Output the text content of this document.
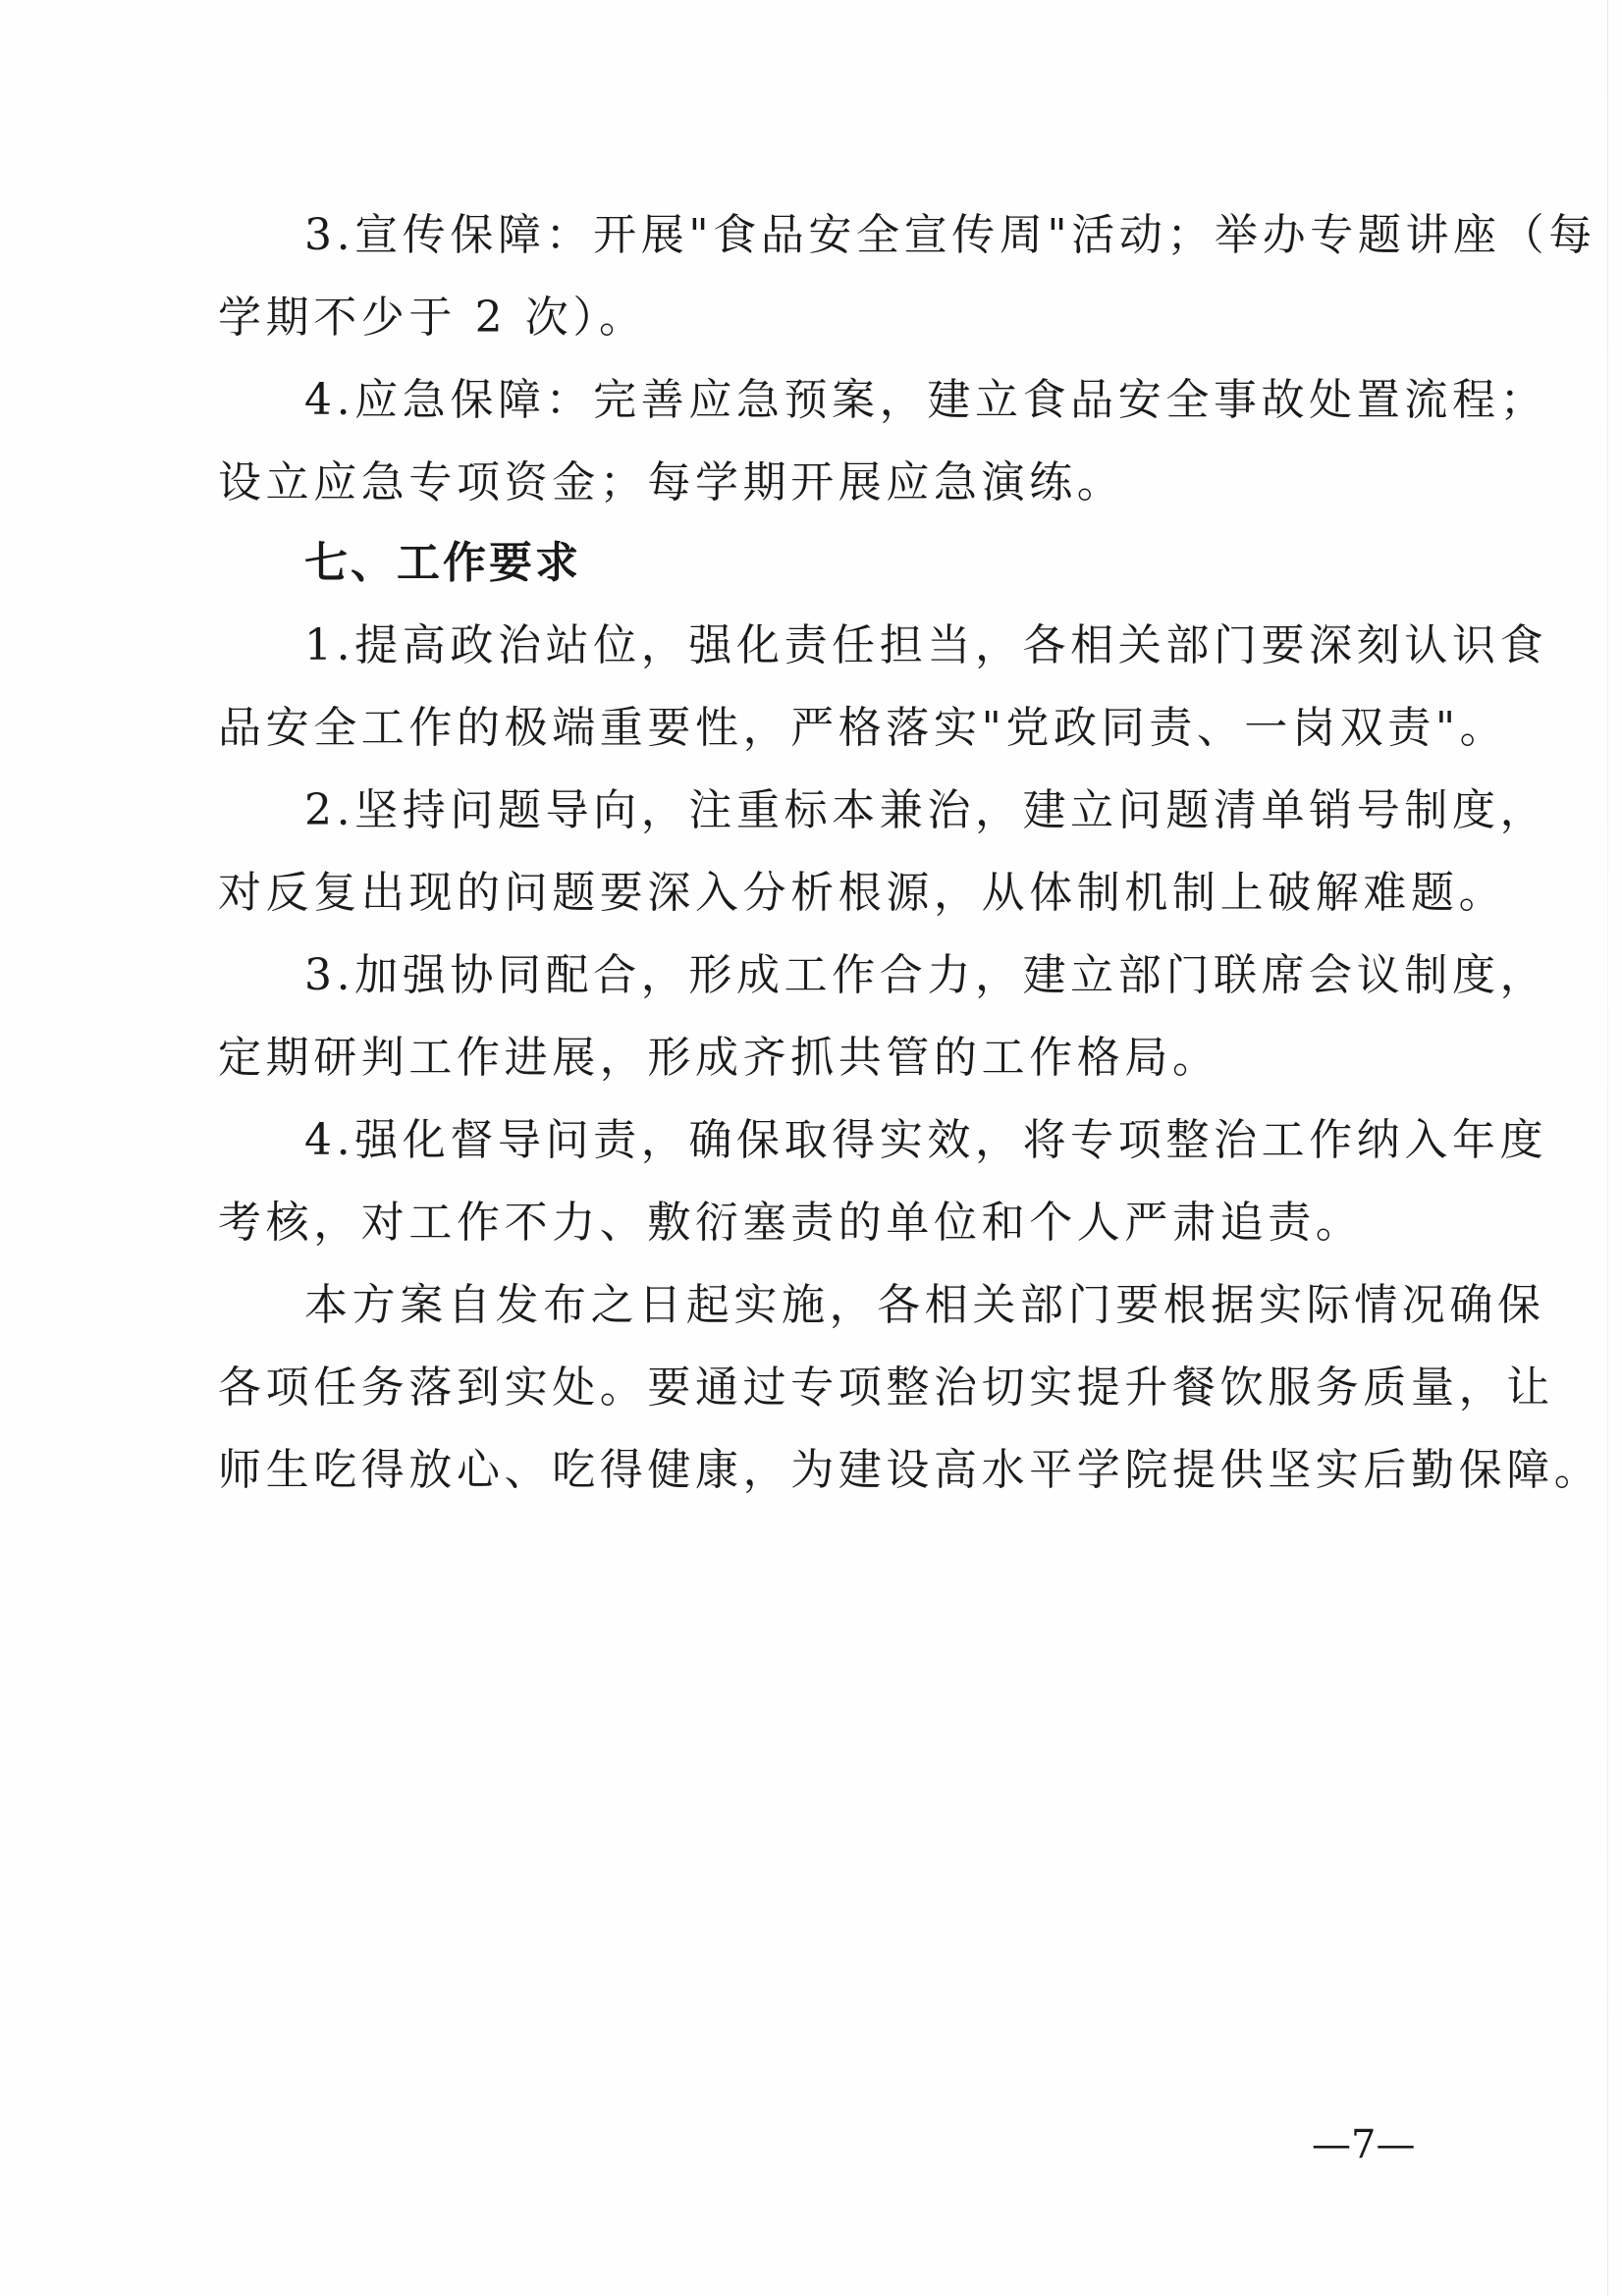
3.宣传保障：开展"食品安全宣传周"活动；举办专题讲座（每
学期不少于 2 次）。
4.应急保障：完善应急预案，建立食品安全事故处置流程；
设立应急专项资金；每学期开展应急演练。
七、工作要求
1.提高政治站位，强化责任担当，各相关部门要深刻认识食
品安全工作的极端重要性，严格落实"党政同责、一岗双责"。
2.坚持问题导向，注重标本兼治，建立问题清单销号制度，
对反复出现的问题要深入分析根源，从体制机制上破解难题。
3.加强协同配合，形成工作合力，建立部门联席会议制度，
定期研判工作进展，形成齐抓共管的工作格局。
4.强化督导问责，确保取得实效，将专项整治工作纳入年度
考核，对工作不力、敷衍塞责的单位和个人严肃追责。
本方案自发布之日起实施，各相关部门要根据实际情况确保
各项任务落到实处。要通过专项整治切实提升餐饮服务质量，让
师生吃得放心、吃得健康，为建设高水平学院提供坚实后勤保障。
—7—
